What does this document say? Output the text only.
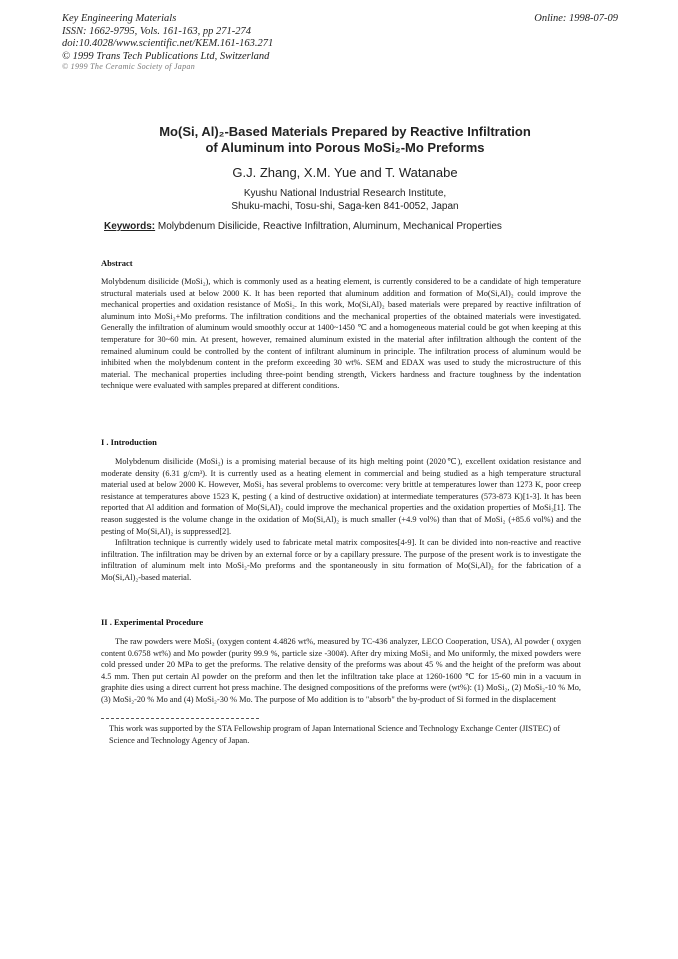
Key Engineering Materials
ISSN: 1662-9795, Vols. 161-163, pp 271-274
doi:10.4028/www.scientific.net/KEM.161-163.271
© 1999 Trans Tech Publications Ltd, Switzerland
Online: 1998-07-09
© 1999 The Ceramic Society of Japan
Mo(Si, Al)₂-Based Materials Prepared by Reactive Infiltration
of Aluminum into Porous MoSi₂-Mo Preforms
G.J. Zhang, X.M. Yue and T. Watanabe
Kyushu National Industrial Research Institute,
Shuku-machi, Tosu-shi, Saga-ken 841-0052, Japan
Keywords: Molybdenum Disilicide, Reactive Infiltration, Aluminum, Mechanical Properties
Abstract

Molybdenum disilicide (MoSi₂), which is commonly used as a heating element, is currently considered to be a candidate of high temperature structural materials used at below 2000 K. It has been reported that aluminum addition and formation of Mo(Si,Al)₂ could improve the mechanical properties and oxidation resistance of MoSi₂. In this work, Mo(Si,Al)₂ based materials were prepared by reactive infiltration of aluminum into MoSi₂+Mo preforms. The infiltration conditions and the mechanical properties of the obtained materials were investigated. Generally the infiltration of aluminum would smoothly occur at 1400~1450 ℃ and a homogeneous material could be got when keeping at this temperature for 30~60 min. At present, however, remained aluminum existed in the material after infiltration although the content of the remained aluminum could be controlled by the content of infiltrant aluminum in principle. The infiltration process of aluminum would be inhibited when the molybdenum content in the preform exceeding 30 wt%. SEM and EDAX was used to study the microstructure of this material. The mechanical properties including three-point bending strength, Vickers hardness and fracture toughness by the indentation technique were evaluated with samples prepared at different conditions.

I . Introduction

Molybdenum disilicide (MoSi₂) is a promising material because of its high melting point (2020℃), excellent oxidation resistance and moderate density (6.31 g/cm³). It is currently used as a heating element in commercial and being studied as a high temperature structural material used at below 2000 K. However, MoSi₂ has several problems to overcome: very brittle at temperatures lower than 1273 K, poor creep resistance at temperatures above 1523 K, pesting ( a kind of destructive oxidation) at intermediate temperatures (573-873 K)[1-3]. It has been reported that Al addition and formation of Mo(Si,Al)₂ could improve the mechanical properties and the oxidation properties of MoSi₂[1]. The reason suggested is the volume change in the oxidation of Mo(Si,Al)₂ is much smaller (+4.9 vol%) than that of MoSi₂ (+85.6 vol%) and the pesting of Mo(Si,Al)₂ is suppressed[2].

Infiltration technique is currently widely used to fabricate metal matrix composites[4-9]. It can be divided into non-reactive and reactive infiltration. The infiltration may be driven by an external force or by a capillary pressure. The purpose of the present work is to investigate the infiltration of aluminum melt into MoSi₂-Mo preforms and the spontaneously in situ formation of Mo(Si,Al)₂ for the fabrication of a Mo(Si,Al)₂-based material.

II . Experimental Procedure

The raw powders were MoSi₂ (oxygen content 4.4826 wt%, measured by TC-436 analyzer, LECO Cooperation, USA), Al powder ( oxygen content 0.6758 wt%) and Mo powder (purity 99.9 %, particle size -300#). After dry mixing MoSi₂ and Mo uniformly, the mixed powders were cold pressed under 20 MPa to get the preforms. The relative density of the preforms was about 45 % and the height of the preform was about 4.5 mm. Then put certain Al powder on the preform and then let the infiltration take place at 1260-1600 ℃ for 15-60 min in a vacuum in graphite dies using a direct current hot press machine. The designed compositions of the preforms were (wt%): (1) MoSi₂, (2) MoSi₂-10 % Mo, (3) MoSi₂-20 % Mo and (4) MoSi₂-30 % Mo. The purpose of Mo addition is to "absorb" the by-product of Si formed in the displacement

This work was supported by the STA Fellowship program of Japan International Science and Technology Exchange Center (JISTEC) of Science and Technology Agency of Japan.
